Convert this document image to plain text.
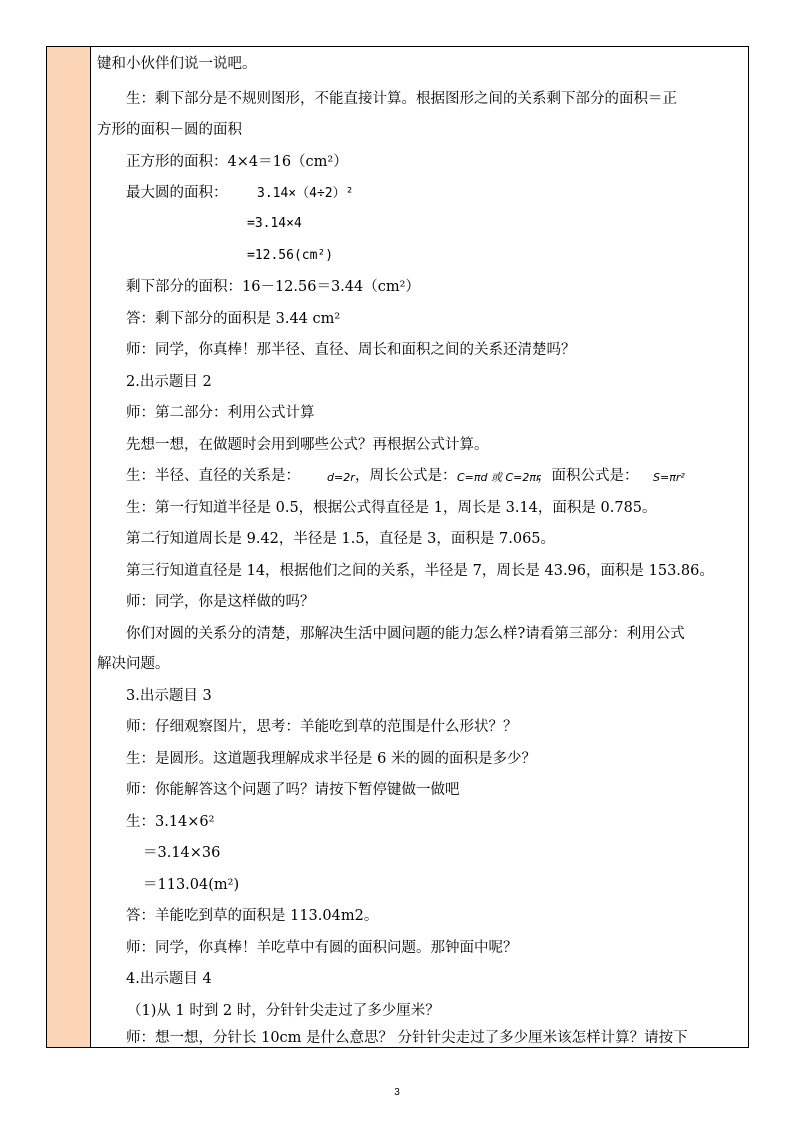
键和小伙伴们说一说吧。
生：剩下部分是不规则图形，不能直接计算。根据图形之间的关系剩下部分的面积＝正
方形的面积－圆的面积
正方形的面积：4×4＝16（cm²）
最大圆的面积：	3.14×（4÷2）²
=3.14×4
=12.56(cm²)
剩下部分的面积：16－12.56＝3.44（cm²）
答：剩下部分的面积是 3.44 cm²
师：同学，你真棒！那半径、直径、周长和面积之间的关系还清楚吗？
2.出示题目 2
师：第二部分：利用公式计算
先想一想，在做题时会用到哪些公式？再根据公式计算。
生：半径、直径的关系是：	d=2r ，周长公式是： C=πd 或 C=2πr
，面积公式是：	S=πr²
生：第一行知道半径是 0.5，根据公式得直径是 1，周长是 3.14，面积是 0.785。
第二行知道周长是 9.42，半径是 1.5，直径是 3，面积是 7.065。
第三行知道直径是 14，根据他们之间的关系，半径是 7，周长是 43.96，面积是 153.86。
师：同学，你是这样做的吗？
你们对圆的关系分的清楚，那解决生活中圆问题的能力怎么样?请看第三部分：利用公式
解决问题。
3.出示题目 3
师：仔细观察图片，思考：羊能吃到草的范围是什么形状？？
生：是圆形。这道题我理解成求半径是 6 米的圆的面积是多少？
师：你能解答这个问题了吗？请按下暂停键做一做吧
生：3.14×6²
＝3.14×36
＝113.04(m²)
答：羊能吃到草的面积是 113.04m2。
师：同学，你真棒！羊吃草中有圆的面积问题。那钟面中呢？
4.出示题目 4
（1)从 1 时到 2 时，分针针尖走过了多少厘米？
师：想一想，分针长 10cm 是什么意思？ 分针针尖走过了多少厘米该怎样计算？请按下
3
